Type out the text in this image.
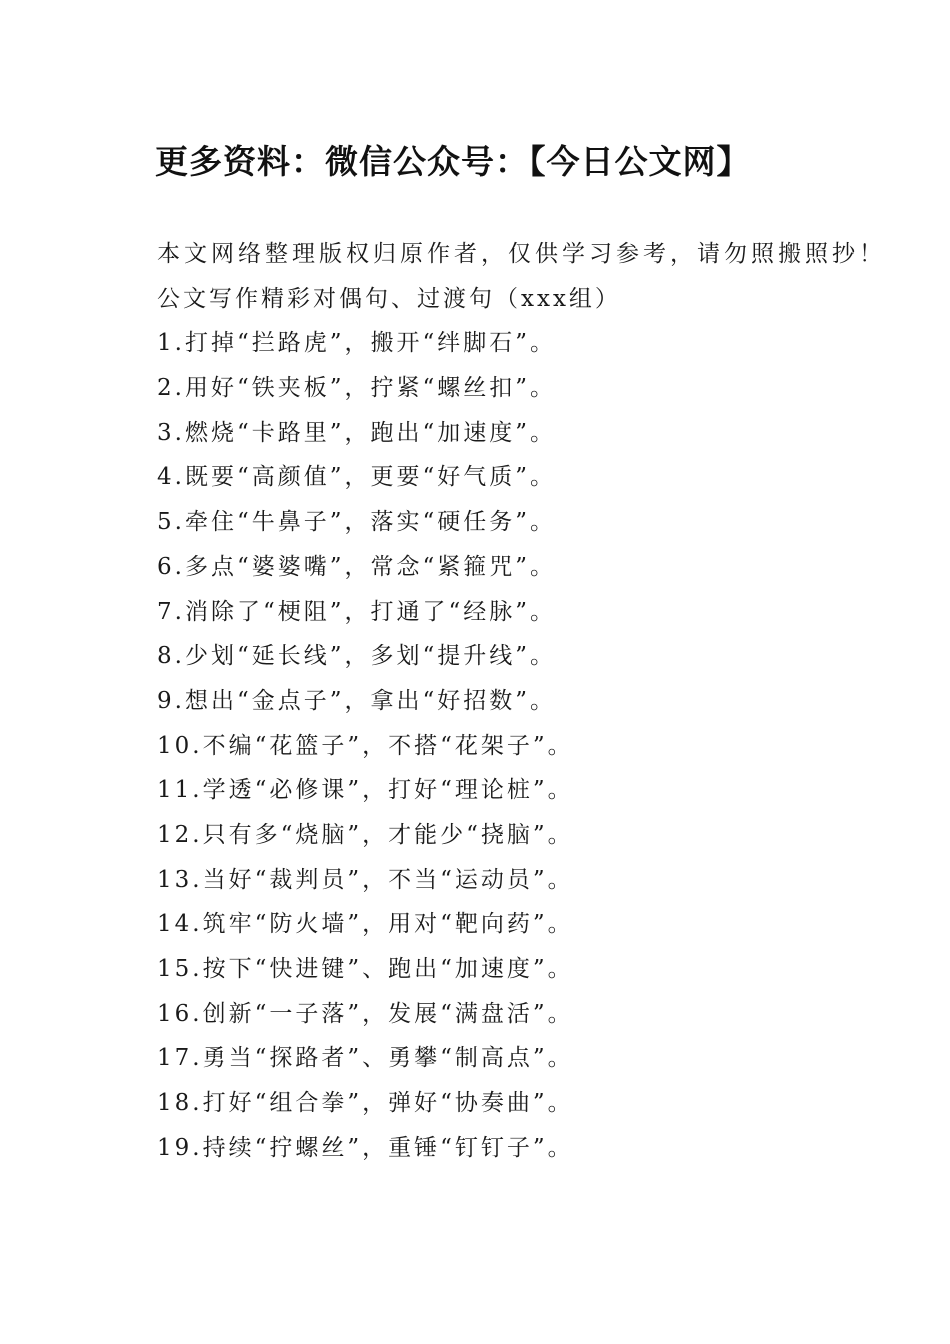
更多资料：微信公众号：【今日公文网】
本文网络整理版权归原作者，仅供学习参考，请勿照搬照抄！
公文写作精彩对偶句、过渡句（xxx组）
1.打掉“拦路虎”，搬开“绊脚石”。
2.用好“铁夹板”，拧紧“螺丝扣”。
3.燃烧“卡路里”，跑出“加速度”。
4.既要“高颜值”，更要“好气质”。
5.牵住“牛鼻子”，落实“硬任务”。
6.多点“婆婆嘴”，常念“紧箍咒”。
7.消除了“梗阻”，打通了“经脉”。
8.少划“延长线”，多划“提升线”。
9.想出“金点子”，拿出“好招数”。
10.不编“花篮子”，不搭“花架子”。
11.学透“必修课”，打好“理论桩”。
12.只有多“烧脑”，才能少“挠脑”。
13.当好“裁判员”，不当“运动员”。
14.筑牢“防火墙”，用对“靶向药”。
15.按下“快进键”、跑出“加速度”。
16.创新“一子落”，发展“满盘活”。
17.勇当“探路者”、勇攀“制高点”。
18.打好“组合拳”，弹好“协奏曲”。
19.持续“拧螺丝”，重锤“钉钉子”。
